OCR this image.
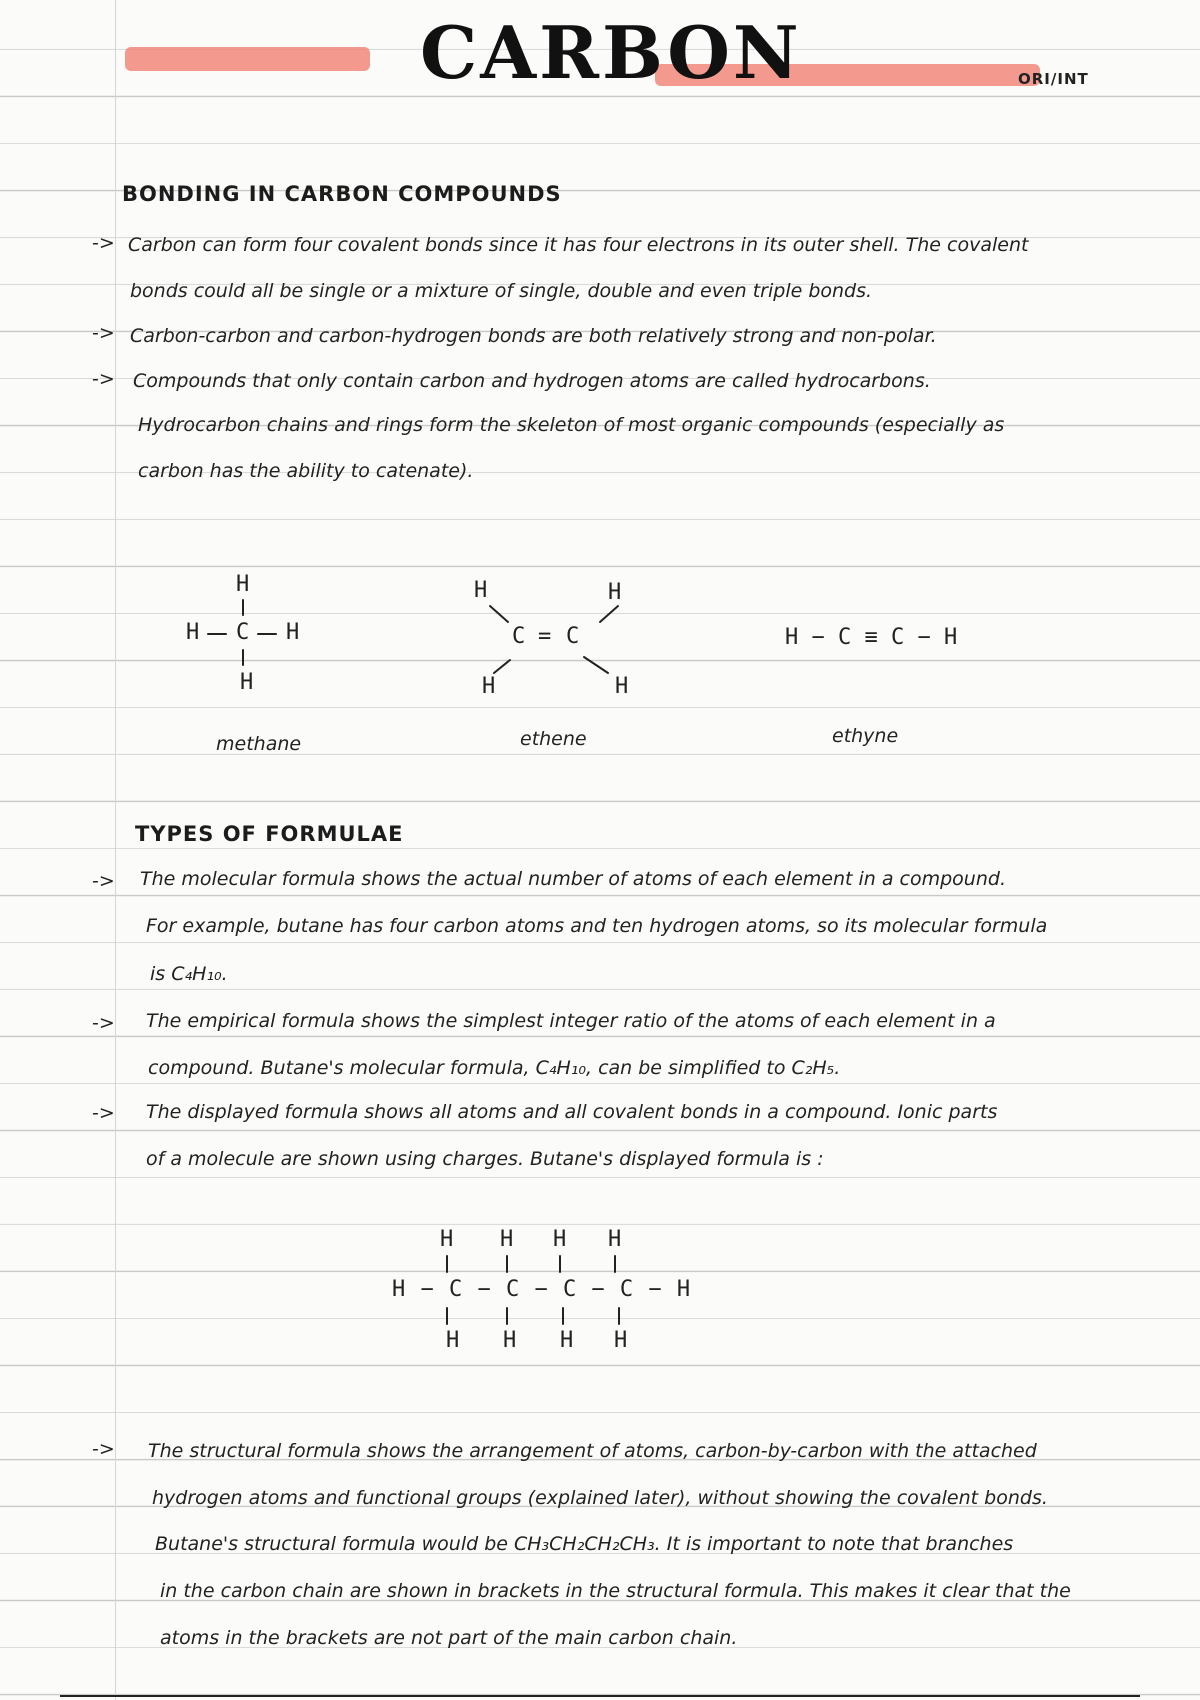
CARBON	ORI/INT
BONDING IN CARBON COMPOUNDS
-> Carbon can form four covalent bonds since it has four electrons in its outer shell. The covalent
bonds could all be single or a mixture of single, double and even triple bonds.
-> Carbon-carbon and carbon-hydrogen bonds are both relatively strong and non-polar.
-> Compounds that only contain carbon and hydrogen atoms are called hydrocarbons.
Hydrocarbon chains and rings form the skeleton of most organic compounds (especially as
carbon has the ability to catenate).
H
H C H
H
methane
H	H
C = C
H	H
ethene
H − C ≡ C − H
ethyne
TYPES OF FORMULAE
-> The molecular formula shows the actual number of atoms of each element in a compound.
For example, butane has four carbon atoms and ten hydrogen atoms, so its molecular formula
is C₄H₁₀.
-> The empirical formula shows the simplest integer ratio of the atoms of each element in a
compound. Butane's molecular formula, C₄H₁₀, can be simplified to C₂H₅.
-> The displayed formula shows all atoms and all covalent bonds in a compound. Ionic parts
of a molecule are shown using charges. Butane's displayed formula is :
H H H H
H − C − C − C − C − H
H H H H
-> The structural formula shows the arrangement of atoms, carbon-by-carbon with the attached
hydrogen atoms and functional groups (explained later), without showing the covalent bonds.
Butane's structural formula would be CH₃CH₂CH₂CH₃. It is important to note that branches
in the carbon chain are shown in brackets in the structural formula. This makes it clear that the
atoms in the brackets are not part of the main carbon chain.
